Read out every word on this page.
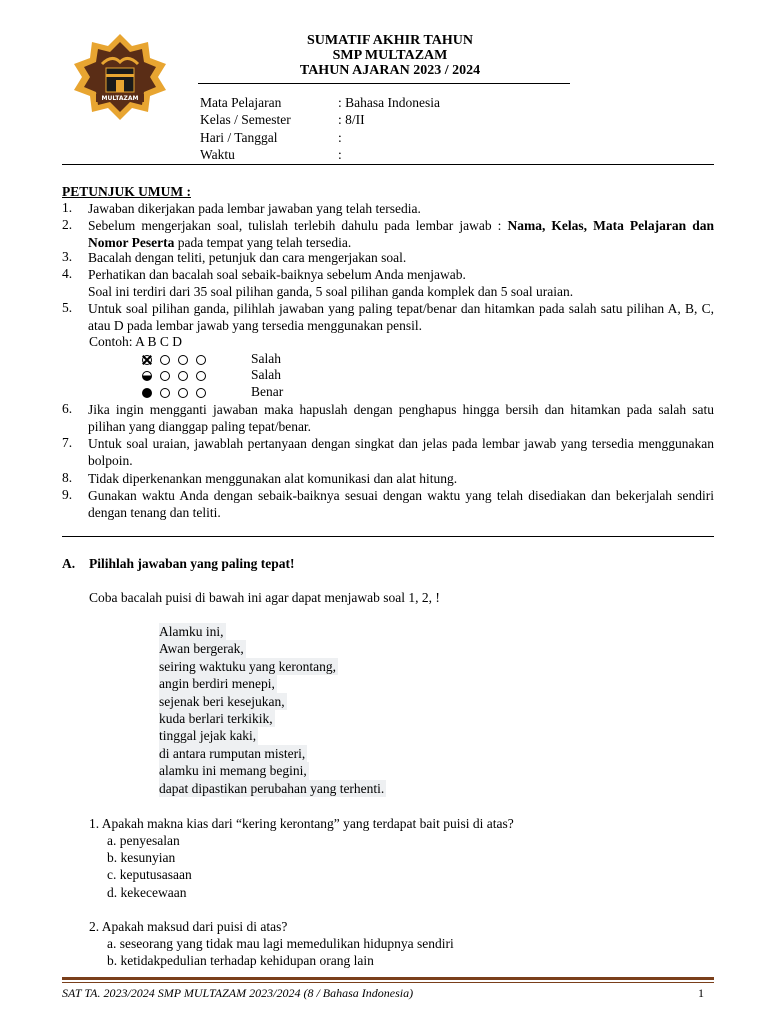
MULTAZAM
SUMATIF AKHIR TAHUN
SMP MULTAZAM
TAHUN AJARAN 2023 / 2024
Mata Pelajaran	: Bahasa Indonesia
Kelas / Semester	: 8/II
Hari / Tanggal	:
Waktu	:
PETUNJUK UMUM :
1.	Jawaban dikerjakan pada lembar jawaban yang telah tersedia.
2.	Sebelum mengerjakan soal, tulislah terlebih dahulu pada lembar jawab : Nama, Kelas, Mata Pelajaran dan Nomor Peserta pada tempat yang telah tersedia.
3.	Bacalah dengan teliti, petunjuk dan cara mengerjakan soal.
4.	Perhatikan dan bacalah soal sebaik-baiknya sebelum Anda menjawab.
Soal ini terdiri dari 35 soal pilihan ganda, 5 soal pilihan ganda komplek dan 5 soal uraian.
5.	Untuk soal pilihan ganda, pilihlah jawaban yang paling tepat/benar dan hitamkan pada salah satu pilihan A, B, C, atau D pada lembar jawab yang tersedia menggunakan pensil.
Contoh: A B C D
Salah
Salah
Benar
6.	Jika ingin mengganti jawaban maka hapuslah dengan penghapus hingga bersih dan hitamkan pada salah satu pilihan yang dianggap paling tepat/benar.
7.	Untuk soal uraian, jawablah pertanyaan dengan singkat dan jelas pada lembar jawab yang tersedia menggunakan bolpoin.
8.	Tidak diperkenankan menggunakan alat komunikasi dan alat hitung.
9.	Gunakan waktu Anda dengan sebaik-baiknya sesuai dengan waktu yang telah disediakan dan bekerjalah sendiri dengan tenang dan teliti.
A. Pilihlah jawaban yang paling tepat!
Coba bacalah puisi di bawah ini agar dapat menjawab soal 1, 2, !
Alamku ini,
Awan bergerak,
seiring waktuku yang kerontang,
angin berdiri menepi,
sejenak beri kesejukan,
kuda berlari terkikik,
tinggal jejak kaki,
di antara rumputan misteri,
alamku ini memang begini,
dapat dipastikan perubahan yang terhenti.
1. Apakah makna kias dari “kering kerontang” yang terdapat bait puisi di atas?
a. penyesalan
b. kesunyian
c. keputusasaan
d. kekecewaan
2. Apakah maksud dari puisi di atas?
a. seseorang yang tidak mau lagi memedulikan hidupnya sendiri
b. ketidakpedulian terhadap kehidupan orang lain
SAT TA. 2023/2024 SMP MULTAZAM 2023/2024 (8 / Bahasa Indonesia)	1
